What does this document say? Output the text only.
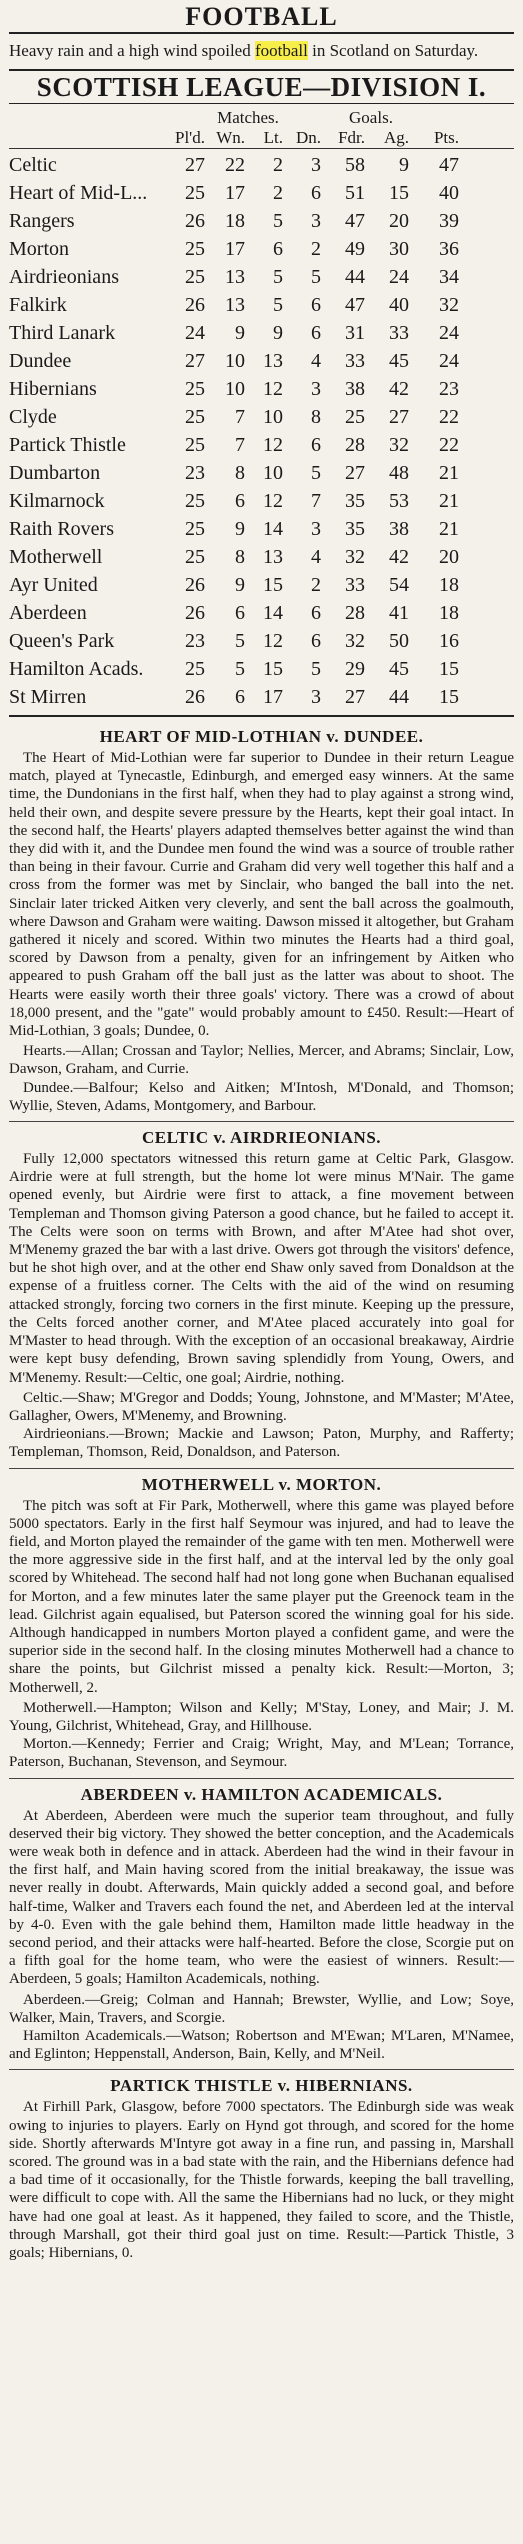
FOOTBALL

Heavy rain and a high wind spoiled football in Scotland on Saturday.

SCOTTISH LEAGUE—DIVISION I.
Matches.	Goals.
Pl'd. Wn.	Lt. Dn.	Fdr.	Ag.	Pts.
Celtic	27	22	2	3	58	9	47
Heart of Mid-L...	25	17	2	6	51	15	40
Rangers	26	18	5	3	47	20	39
Morton	25	17	6	2	49	30	36
Airdrieonians	25	13	5	5	44	24	34
Falkirk	26	13	5	6	47	40	32
Third Lanark	24	9	9	6	31	33	24
Dundee	27	10 13	4	33	45	24
Hibernians	25	10 12	3	38	42	23
Clyde	25	7 10	8	25	27	22
Partick Thistle	25	7 12	6	28	32	22
Dumbarton	23	8 10	5	27	48	21
Kilmarnock	25	6 12	7	35	53	21
Raith Rovers	25	9 14	3	35	38	21
Motherwell	25	8 13	4	32	42	20
Ayr United	26	9 15	2	33	54	18
Aberdeen	26	6 14	6	28	41	18
Queen's Park	23	5 12	6	32	50	16
Hamilton Acads.	25	5 15	5	29	45	15
St Mirren	26	6 17	3	27	44	15
HEART OF MID-LOTHIAN v. DUNDEE.

The Heart of Mid-Lothian were far superior to Dundee in their return League match, played at Tynecastle, Edinburgh, and emerged easy winners. At the same time, the Dundonians in the first half, when they had to play against a strong wind, held their own, and despite severe pressure by the Hearts, kept their goal intact. In the second half, the Hearts' players adapted themselves better against the wind than they did with it, and the Dundee men found the wind was a source of trouble rather than being in their favour. Currie and Graham did very well together this half and a cross from the former was met by Sinclair, who banged the ball into the net. Sinclair later tricked Aitken very cleverly, and sent the ball across the goalmouth, where Dawson and Graham were waiting. Dawson missed it altogether, but Graham gathered it nicely and scored. Within two minutes the Hearts had a third goal, scored by Dawson from a penalty, given for an infringement by Aitken who appeared to push Graham off the ball just as the latter was about to shoot. The Hearts were easily worth their three goals' victory. There was a crowd of about 18,000 present, and the "gate" would probably amount to £450. Result:—Heart of Mid-Lothian, 3 goals; Dundee, 0.

Hearts.—Allan; Crossan and Taylor; Nellies, Mercer, and Abrams; Sinclair, Low, Dawson, Graham, and Currie.

Dundee.—Balfour; Kelso and Aitken; M'Intosh, M'Donald, and Thomson; Wyllie, Steven, Adams, Montgomery, and Barbour.

CELTIC v. AIRDRIEONIANS.

Fully 12,000 spectators witnessed this return game at Celtic Park, Glasgow. Airdrie were at full strength, but the home lot were minus M'Nair. The game opened evenly, but Airdrie were first to attack, a fine movement between Templeman and Thomson giving Paterson a good chance, but he failed to accept it. The Celts were soon on terms with Brown, and after M'Atee had shot over, M'Menemy grazed the bar with a last drive. Owers got through the visitors' defence, but he shot high over, and at the other end Shaw only saved from Donaldson at the expense of a fruitless corner. The Celts with the aid of the wind on resuming attacked strongly, forcing two corners in the first minute. Keeping up the pressure, the Celts forced another corner, and M'Atee placed accurately into goal for M'Master to head through. With the exception of an occasional breakaway, Airdrie were kept busy defending, Brown saving splendidly from Young, Owers, and M'Menemy. Result:—Celtic, one goal; Airdrie, nothing.

Celtic.—Shaw; M'Gregor and Dodds; Young, Johnstone, and M'Master; M'Atee, Gallagher, Owers, M'Menemy, and Browning.

Airdrieonians.—Brown; Mackie and Lawson; Paton, Murphy, and Rafferty; Templeman, Thomson, Reid, Donaldson, and Paterson.

MOTHERWELL v. MORTON.

The pitch was soft at Fir Park, Motherwell, where this game was played before 5000 spectators. Early in the first half Seymour was injured, and had to leave the field, and Morton played the remainder of the game with ten men. Motherwell were the more aggressive side in the first half, and at the interval led by the only goal scored by Whitehead. The second half had not long gone when Buchanan equalised for Morton, and a few minutes later the same player put the Greenock team in the lead. Gilchrist again equalised, but Paterson scored the winning goal for his side. Although handicapped in numbers Morton played a confident game, and were the superior side in the second half. In the closing minutes Motherwell had a chance to share the points, but Gilchrist missed a penalty kick. Result:—Morton, 3; Motherwell, 2.

Motherwell.—Hampton; Wilson and Kelly; M'Stay, Loney, and Mair; J. M. Young, Gilchrist, Whitehead, Gray, and Hillhouse.

Morton.—Kennedy; Ferrier and Craig; Wright, May, and M'Lean; Torrance, Paterson, Buchanan, Stevenson, and Seymour.

ABERDEEN v. HAMILTON ACADEMICALS.

At Aberdeen, Aberdeen were much the superior team throughout, and fully deserved their big victory. They showed the better conception, and the Academicals were weak both in defence and in attack. Aberdeen had the wind in their favour in the first half, and Main having scored from the initial breakaway, the issue was never really in doubt. Afterwards, Main quickly added a second goal, and before half-time, Walker and Travers each found the net, and Aberdeen led at the interval by 4-0. Even with the gale behind them, Hamilton made little headway in the second period, and their attacks were half-hearted. Before the close, Scorgie put on a fifth goal for the home team, who were the easiest of winners. Result:—Aberdeen, 5 goals; Hamilton Academicals, nothing.

Aberdeen.—Greig; Colman and Hannah; Brewster, Wyllie, and Low; Soye, Walker, Main, Travers, and Scorgie.

Hamilton Academicals.—Watson; Robertson and M'Ewan; M'Laren, M'Namee, and Eglinton; Heppenstall, Anderson, Bain, Kelly, and M'Neil.

PARTICK THISTLE v. HIBERNIANS.

At Firhill Park, Glasgow, before 7000 spectators. The Edinburgh side was weak owing to injuries to players. Early on Hynd got through, and scored for the home side. Shortly afterwards M'Intyre got away in a fine run, and passing in, Marshall scored. The ground was in a bad state with the rain, and the Hibernians defence had a bad time of it occasionally, for the Thistle forwards, keeping the ball travelling, were difficult to cope with. All the same the Hibernians had no luck, or they might have had one goal at least. As it happened, they failed to score, and the Thistle, through Marshall, got their third goal just on time. Result:—Partick Thistle, 3 goals; Hibernians, 0.
